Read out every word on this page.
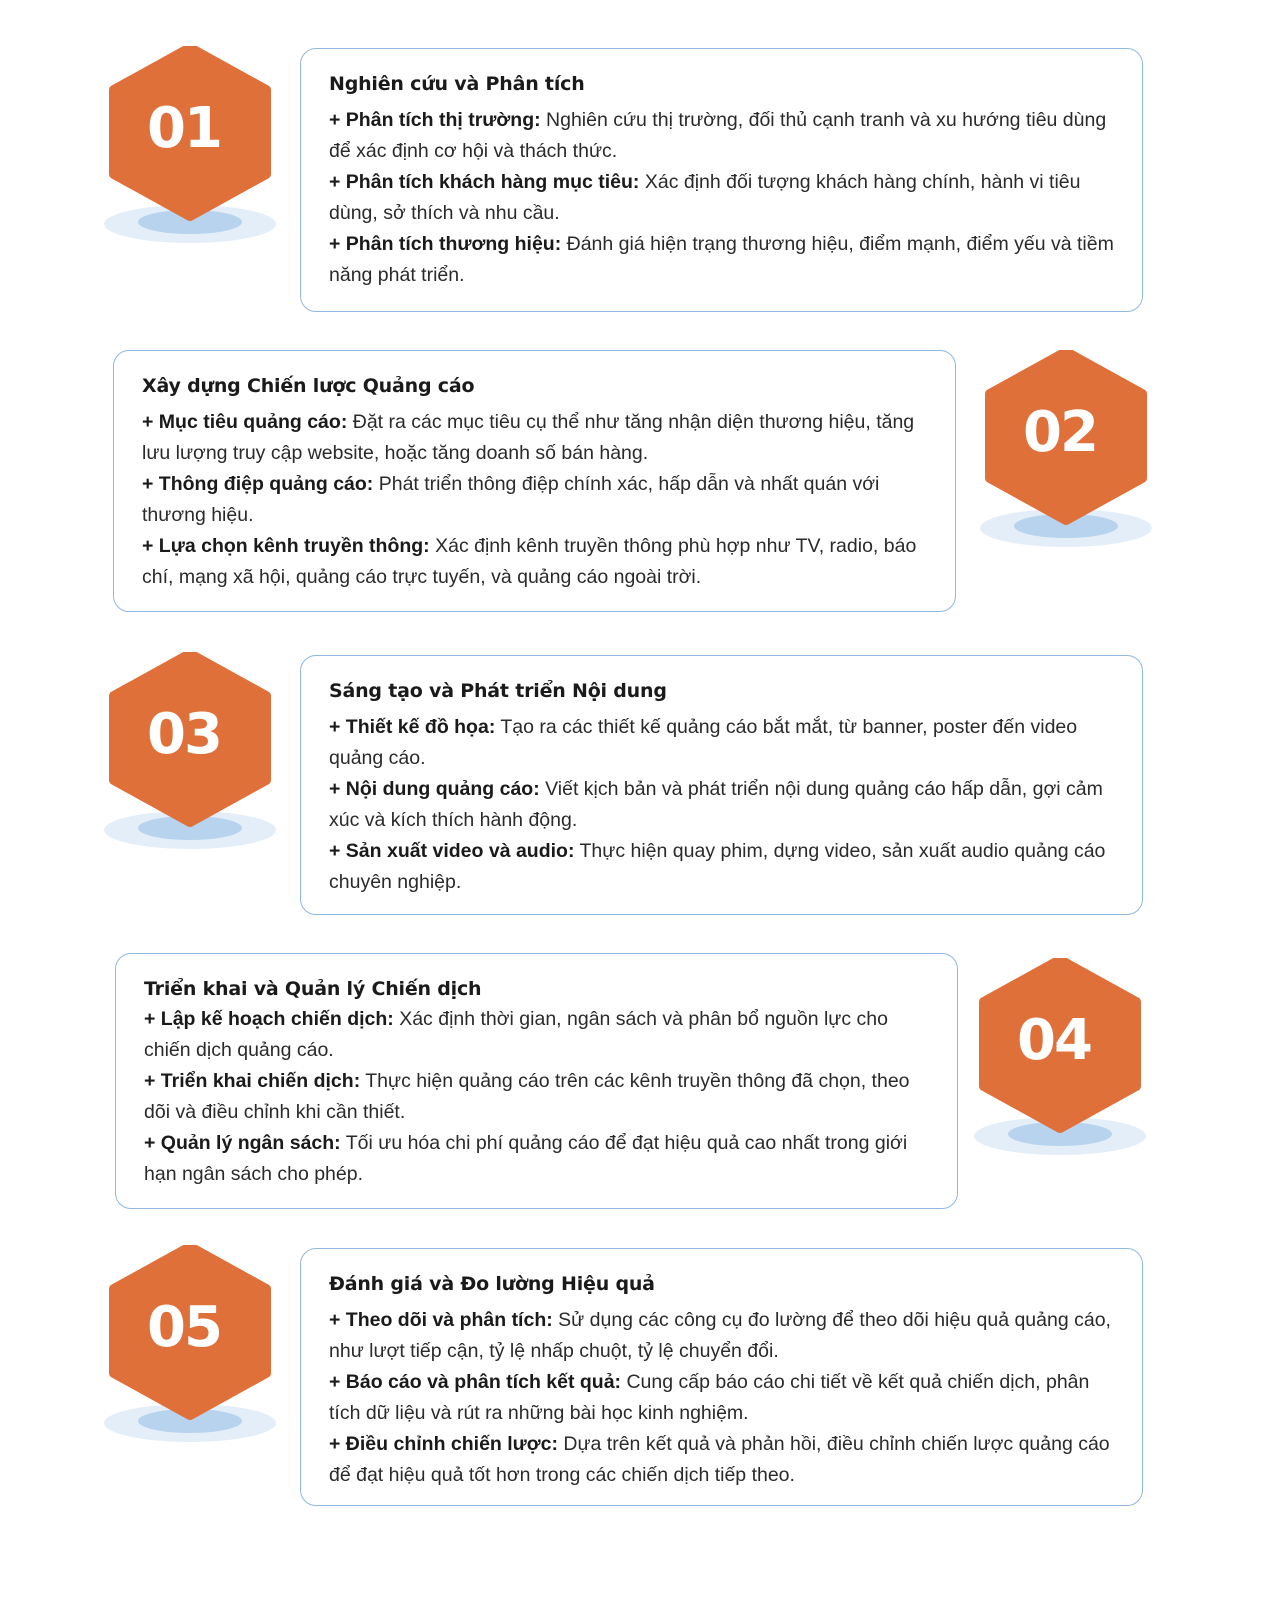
01
Nghiên cứu và Phân tích

+ Phân tích thị trường: Nghiên cứu thị trường, đối thủ cạnh tranh và xu hướng tiêu dùng để xác định cơ hội và thách thức.

+ Phân tích khách hàng mục tiêu: Xác định đối tượng khách hàng chính, hành vi tiêu dùng, sở thích và nhu cầu.

+ Phân tích thương hiệu: Đánh giá hiện trạng thương hiệu, điểm mạnh, điểm yếu và tiềm năng phát triển.

Xây dựng Chiến lược Quảng cáo

+ Mục tiêu quảng cáo: Đặt ra các mục tiêu cụ thể như tăng nhận diện thương hiệu, tăng lưu lượng truy cập website, hoặc tăng doanh số bán hàng.

+ Thông điệp quảng cáo: Phát triển thông điệp chính xác, hấp dẫn và nhất quán với thương hiệu.

+ Lựa chọn kênh truyền thông: Xác định kênh truyền thông phù hợp như TV, radio, báo chí, mạng xã hội, quảng cáo trực tuyến, và quảng cáo ngoài trời.

02
03
Sáng tạo và Phát triển Nội dung

+ Thiết kế đồ họa: Tạo ra các thiết kế quảng cáo bắt mắt, từ banner, poster đến video quảng cáo.

+ Nội dung quảng cáo: Viết kịch bản và phát triển nội dung quảng cáo hấp dẫn, gợi cảm xúc và kích thích hành động.

+ Sản xuất video và audio: Thực hiện quay phim, dựng video, sản xuất audio quảng cáo chuyên nghiệp.

Triển khai và Quản lý Chiến dịch

+ Lập kế hoạch chiến dịch: Xác định thời gian, ngân sách và phân bổ nguồn lực cho chiến dịch quảng cáo.

+ Triển khai chiến dịch: Thực hiện quảng cáo trên các kênh truyền thông đã chọn, theo dõi và điều chỉnh khi cần thiết.

+ Quản lý ngân sách: Tối ưu hóa chi phí quảng cáo để đạt hiệu quả cao nhất trong giới hạn ngân sách cho phép.

04
05
Đánh giá và Đo lường Hiệu quả

+ Theo dõi và phân tích: Sử dụng các công cụ đo lường để theo dõi hiệu quả quảng cáo, như lượt tiếp cận, tỷ lệ nhấp chuột, tỷ lệ chuyển đổi.

+ Báo cáo và phân tích kết quả: Cung cấp báo cáo chi tiết về kết quả chiến dịch, phân tích dữ liệu và rút ra những bài học kinh nghiệm.

+ Điều chỉnh chiến lược: Dựa trên kết quả và phản hồi, điều chỉnh chiến lược quảng cáo để đạt hiệu quả tốt hơn trong các chiến dịch tiếp theo.
